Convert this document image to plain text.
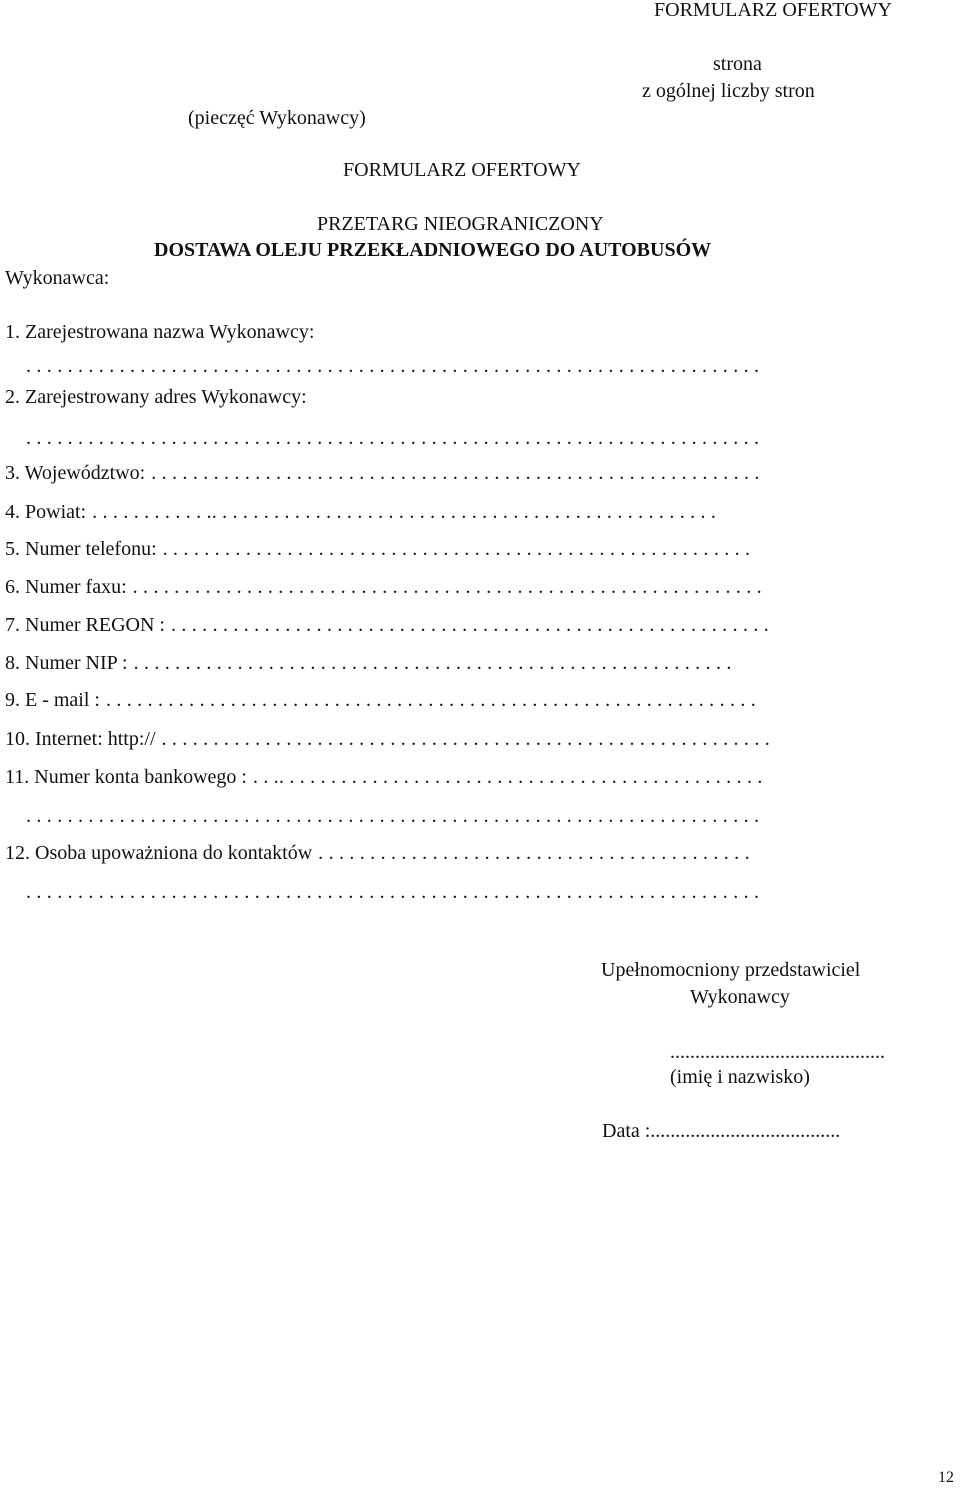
FORMULARZ OFERTOWY
strona
z ogólnej liczby stron
(pieczęć Wykonawcy)
FORMULARZ OFERTOWY
PRZETARG NIEOGRANICZONY
DOSTAWA OLEJU PRZEKŁADNIOWEGO DO AUTOBUSÓW
Wykonawca:
1. Zarejestrowana nazwa Wykonawcy:
. . . . . . . . . . . . . . . . . . . . . . . . . . . . . . . . . . . . . . . . . . . . . . . . . . . . . . . . . . . . . . . . . . . . . . .
2. Zarejestrowany adres Wykonawcy:
. . . . . . . . . . . . . . . . . . . . . . . . . . . . . . . . . . . . . . . . . . . . . . . . . . . . . . . . . . . . . . . . . . . . . . .
3. Województwo: . . . . . . . . . . . . . . . . . . . . . . . . . . . . . . . . . . . . . . . . . . . . . . . . . . . . . . . . . . .
4. Powiat: . . . . . . . . . . . .. . . . . . . . . . . . . . . . . . . . . . . . . . . . . . . . . . . . . . . . . . . . . . . . .
5. Numer telefonu: . . . . . . . . . . . . . . . . . . . . . . . . . . . . . . . . . . . . . . . . . . . . . . . . . . . . . . . . .
6. Numer faxu: . . . . . . . . . . . . . . . . . . . . . . . . . . . . . . . . . . . . . . . . . . . . . . . . . . . . . . . . . . . . .
7. Numer REGON : . . . . . . . . . . . . . . . . . . . . . . . . . . . . . . . . . . . . . . . . . . . . . . . . . . . . . . . . . .
8. Numer NIP : . . . . . . . . . . . . . . . . . . . . . . . . . . . . . . . . . . . . . . . . . . . . . . . . . . . . . . . . . .
9. E - mail : . . . . . . . . . . . . . . . . . . . . . . . . . . . . . . . . . . . . . . . . . . . . . . . . . . . . . . . . . . . . . . .
10. Internet: http:// . . . . . . . . . . . . . . . . . . . . . . . . . . . . . . . . . . . . . . . . . . . . . . . . . . . . . . . . . . .
11. Numer konta bankowego : . . .. . . . . . . . . . . . . . . . . . . . . . . . . . . . . . . . . . . . . . . . . . . . . . .
. . . . . . . . . . . . . . . . . . . . . . . . . . . . . . . . . . . . . . . . . . . . . . . . . . . . . . . . . . . . . . . . . . . . . . .
12. Osoba upoważniona do kontaktów . . . . . . . . . . . . . . . . . . . . . . . . . . . . . . . . . . . . . . . . . .
. . . . . . . . . . . . . . . . . . . . . . . . . . . . . . . . . . . . . . . . . . . . . . . . . . . . . . . . . . . . . . . . . . . . . . .
Upełnomocniony przedstawiciel
Wykonawcy
...........................................
(imię i nazwisko)
Data :......................................
12
